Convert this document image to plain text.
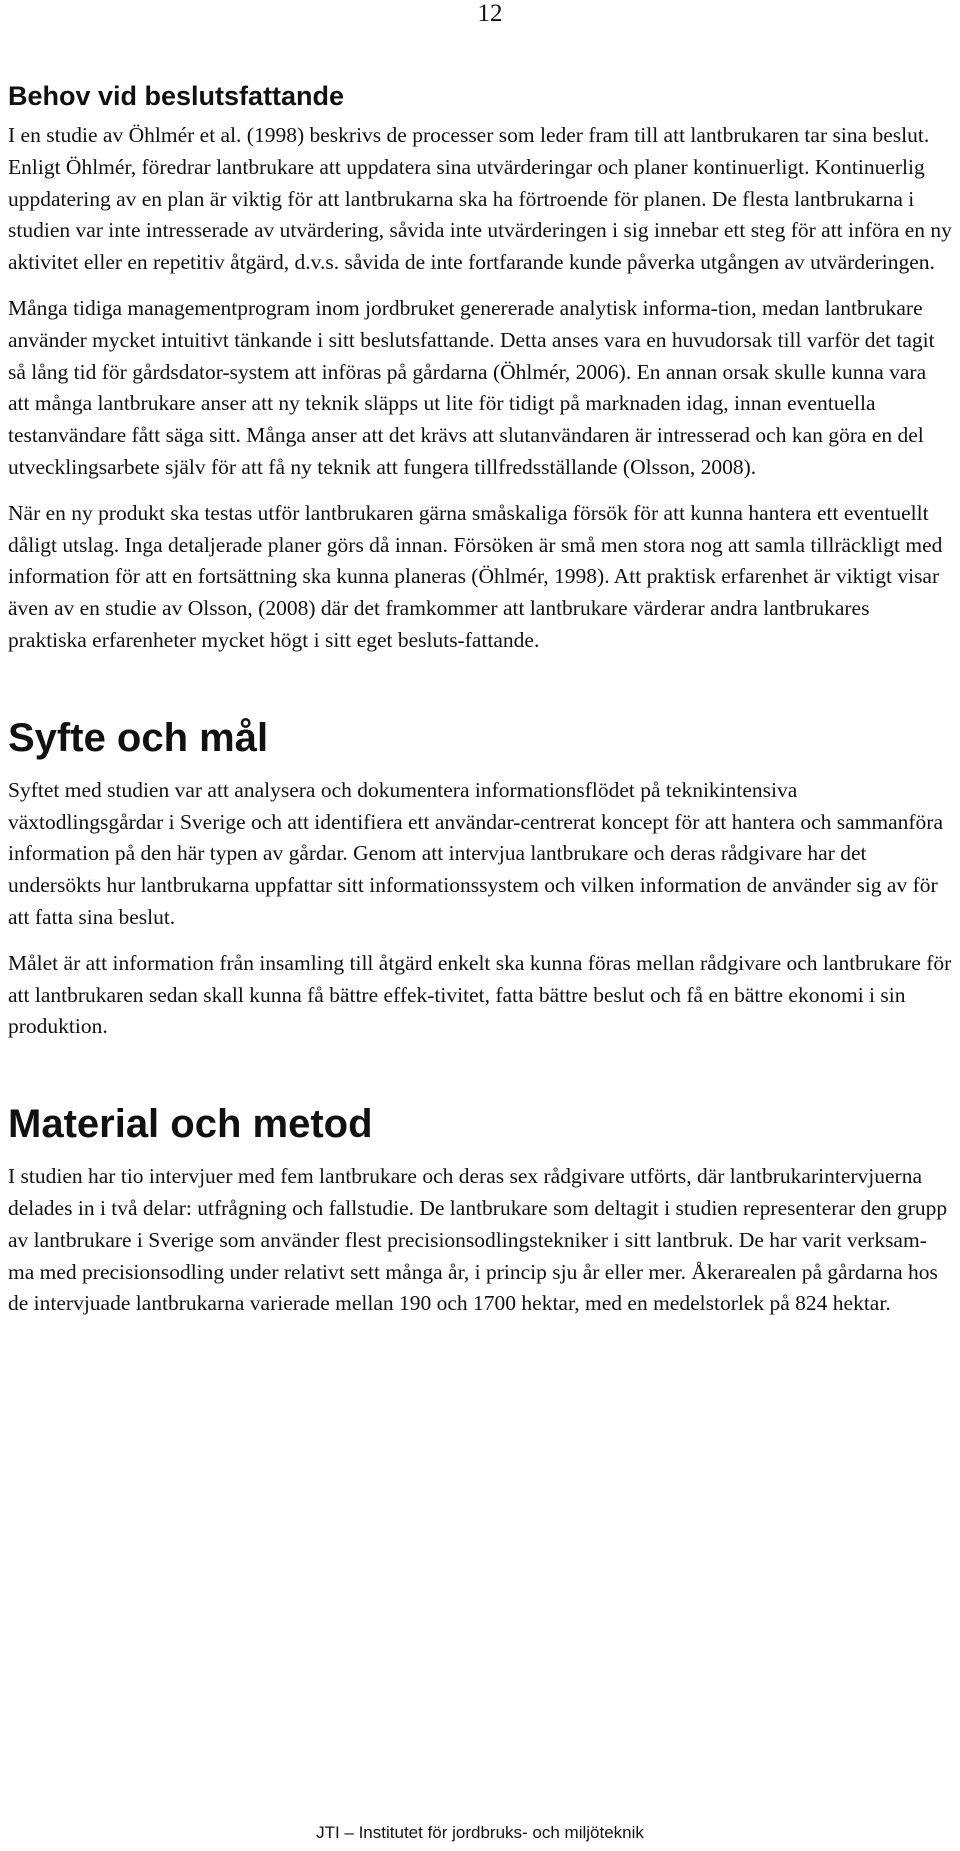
12
Behov vid beslutsfattande

I en studie av Öhlmér et al. (1998) beskrivs de processer som leder fram till att lantbrukaren tar sina beslut. Enligt Öhlmér, föredrar lantbrukare att uppdatera sina utvärderingar och planer kontinuerligt. Kontinuerlig uppdatering av en plan är viktig för att lantbrukarna ska ha förtroende för planen. De flesta lantbrukarna i studien var inte intresserade av utvärdering, såvida inte utvärderingen i sig innebar ett steg för att införa en ny aktivitet eller en repetitiv åtgärd, d.v.s. såvida de inte fortfarande kunde påverka utgången av utvärderingen.

Många tidiga managementprogram inom jordbruket genererade analytisk informa-tion, medan lantbrukare använder mycket intuitivt tänkande i sitt beslutsfattande. Detta anses vara en huvudorsak till varför det tagit så lång tid för gårdsdator-system att införas på gårdarna (Öhlmér, 2006). En annan orsak skulle kunna vara att många lantbrukare anser att ny teknik släpps ut lite för tidigt på marknaden idag, innan eventuella testanvändare fått säga sitt. Många anser att det krävs att slutanvändaren är intresserad och kan göra en del utvecklingsarbete själv för att få ny teknik att fungera tillfredsställande (Olsson, 2008).

När en ny produkt ska testas utför lantbrukaren gärna småskaliga försök för att kunna hantera ett eventuellt dåligt utslag. Inga detaljerade planer görs då innan. Försöken är små men stora nog att samla tillräckligt med information för att en fortsättning ska kunna planeras (Öhlmér, 1998). Att praktisk erfarenhet är viktigt visar även av en studie av Olsson, (2008) där det framkommer att lantbrukare värderar andra lantbrukares praktiska erfarenheter mycket högt i sitt eget besluts-fattande.

Syfte och mål

Syftet med studien var att analysera och dokumentera informationsflödet på teknikintensiva växtodlingsgårdar i Sverige och att identifiera ett användar-centrerat koncept för att hantera och sammanföra information på den här typen av gårdar. Genom att intervjua lantbrukare och deras rådgivare har det undersökts hur lantbrukarna uppfattar sitt informationssystem och vilken information de använder sig av för att fatta sina beslut.

Målet är att information från insamling till åtgärd enkelt ska kunna föras mellan rådgivare och lantbrukare för att lantbrukaren sedan skall kunna få bättre effek-tivitet, fatta bättre beslut och få en bättre ekonomi i sin produktion.

Material och metod

I studien har tio intervjuer med fem lantbrukare och deras sex rådgivare utförts, där lantbrukarintervjuerna delades in i två delar: utfrågning och fallstudie. De lantbrukare som deltagit i studien representerar den grupp av lantbrukare i Sverige som använder flest precisionsodlingstekniker i sitt lantbruk. De har varit verksam-ma med precisionsodling under relativt sett många år, i princip sju år eller mer. Åkerarealen på gårdarna hos de intervjuade lantbrukarna varierade mellan 190 och 1700 hektar, med en medelstorlek på 824 hektar.

JTI – Institutet för jordbruks- och miljöteknik
